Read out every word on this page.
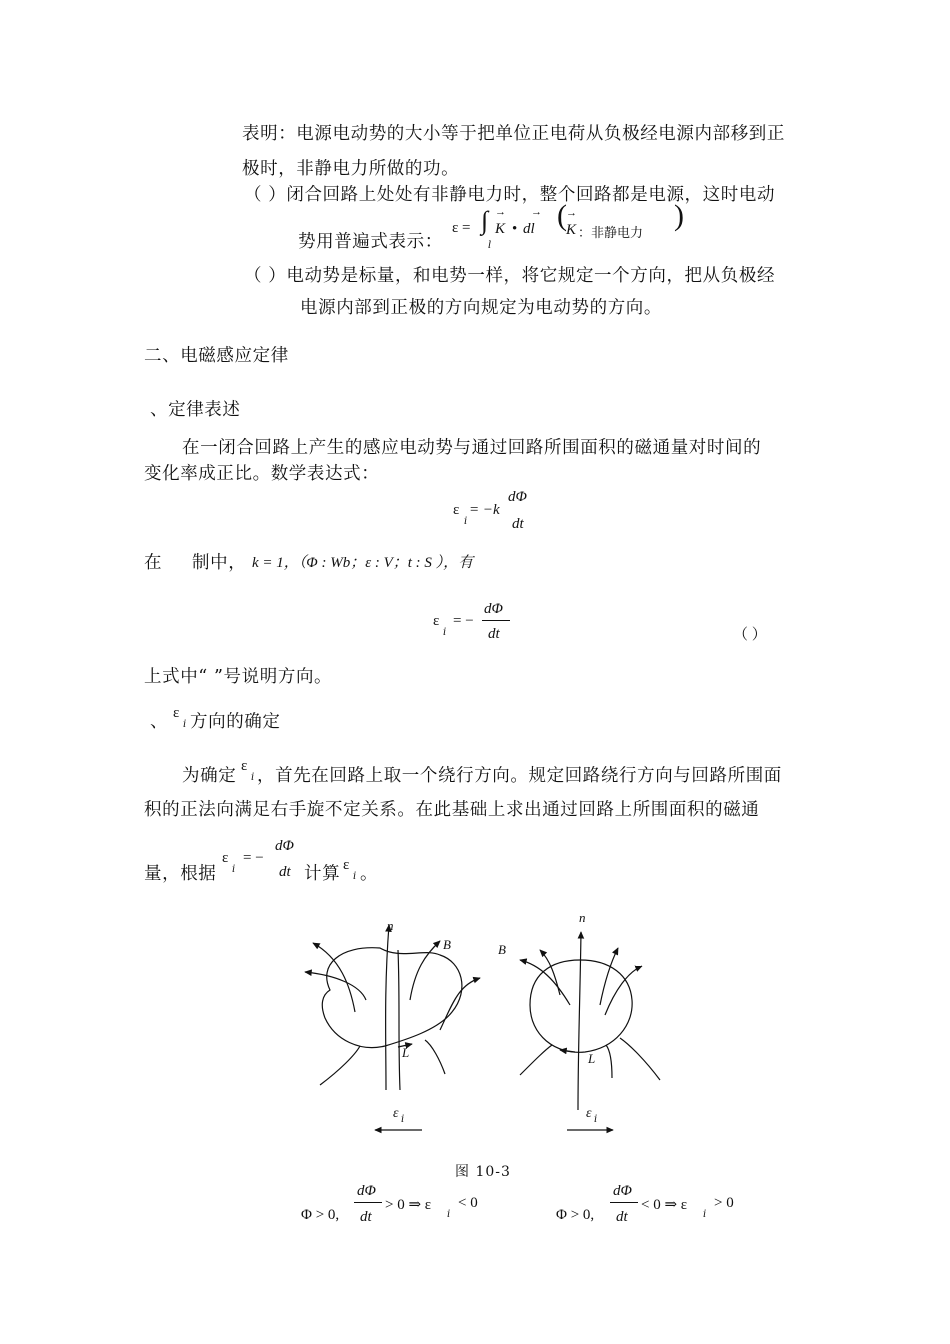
表明：电源电动势的大小等于把单位正电荷从负极经电源内部移到正
极时，非静电力所做的功。
（ ）闭合回路上处处有非静电力时，整个回路都是电源，这时电动
势用普遍式表示：
ε = ∫
l
K
→
• dl
→ ( K
→
：非静电力
)
（ ）电动势是标量，和电势一样，将它规定一个方向，把从负极经
电源内部到正极的方向规定为电动势的方向。
二、电磁感应定律
、定律表述
在一闭合回路上产生的感应电动势与通过回路所围面积的磁通量对时间的
变化率成正比。数学表达式：
ε
i
= −k
dΦ
dt
在 制中， k = 1，（Φ : Wb；ε : V；t : S ），有
ε
i
= −
dΦ
dt	（ ）
上式中“ ”号说明方向。
、 ε
i 方向的确定
为确定 ε
i ，首先在回路上取一个绕行方向。规定回路绕行方向与回路所围面
积的正法向满足右手旋不定关系。在此基础上求出通过回路上所围面积的磁通
量，根据
ε
i
= −
dΦ
dt 计算 ε
i 。
n
B	B
n
L	L
ε i	ε i
图 10-3
Φ > 0,
dΦ
dt
> 0 ⇒ ε
i
< 0
Φ > 0,
dΦ
dt
< 0 ⇒ ε
i
> 0
